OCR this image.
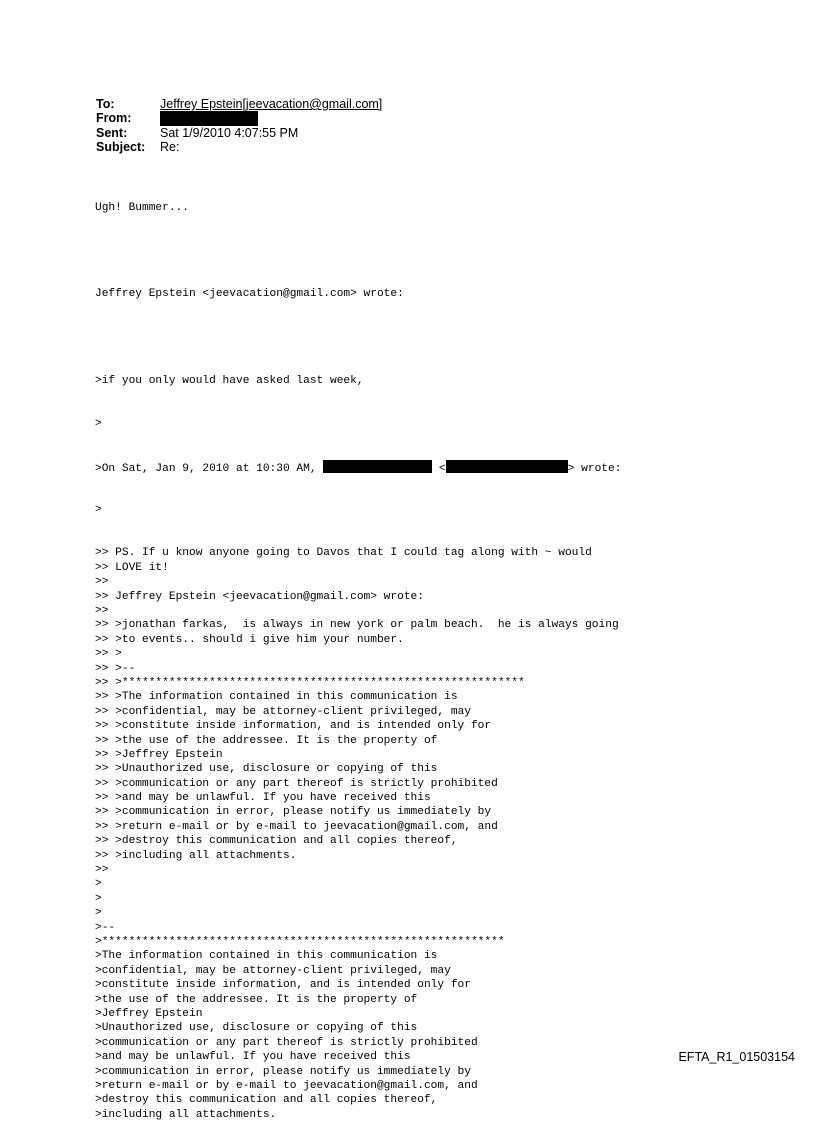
To:	Jeffrey Epstein[jeevacation@gmail.com]
From:
Sent:	Sat 1/9/2010 4:07:55 PM
Subject:	Re:

Ugh! Bummer...

Jeffrey Epstein <jeevacation@gmail.com> wrote:

>if you only would have asked last week,

>

>On Sat, Jan 9, 2010 at 10:30 AM,	<	> wrote:

>

>> PS. If u know anyone going to Davos that I could tag along with ~ would
>> LOVE it!
>>
>> Jeffrey Epstein <jeevacation@gmail.com> wrote:
>>
>> >jonathan farkas,  is always in new york or palm beach.  he is always going
>> >to events.. should i give him your number.
>> >
>> >--
>> >************************************************************
>> >The information contained in this communication is
>> >confidential, may be attorney-client privileged, may
>> >constitute inside information, and is intended only for
>> >the use of the addressee. It is the property of
>> >Jeffrey Epstein
>> >Unauthorized use, disclosure or copying of this
>> >communication or any part thereof is strictly prohibited
>> >and may be unlawful. If you have received this
>> >communication in error, please notify us immediately by
>> >return e-mail or by e-mail to jeevacation@gmail.com, and
>> >destroy this communication and all copies thereof,
>> >including all attachments.
>>
>
>
>
>--
>************************************************************
>The information contained in this communication is
>confidential, may be attorney-client privileged, may
>constitute inside information, and is intended only for
>the use of the addressee. It is the property of
>Jeffrey Epstein
>Unauthorized use, disclosure or copying of this
>communication or any part thereof is strictly prohibited
>and may be unlawful. If you have received this
>communication in error, please notify us immediately by
>return e-mail or by e-mail to jeevacation@gmail.com, and
>destroy this communication and all copies thereof,
>including all attachments.

EFTA_R1_01503154
